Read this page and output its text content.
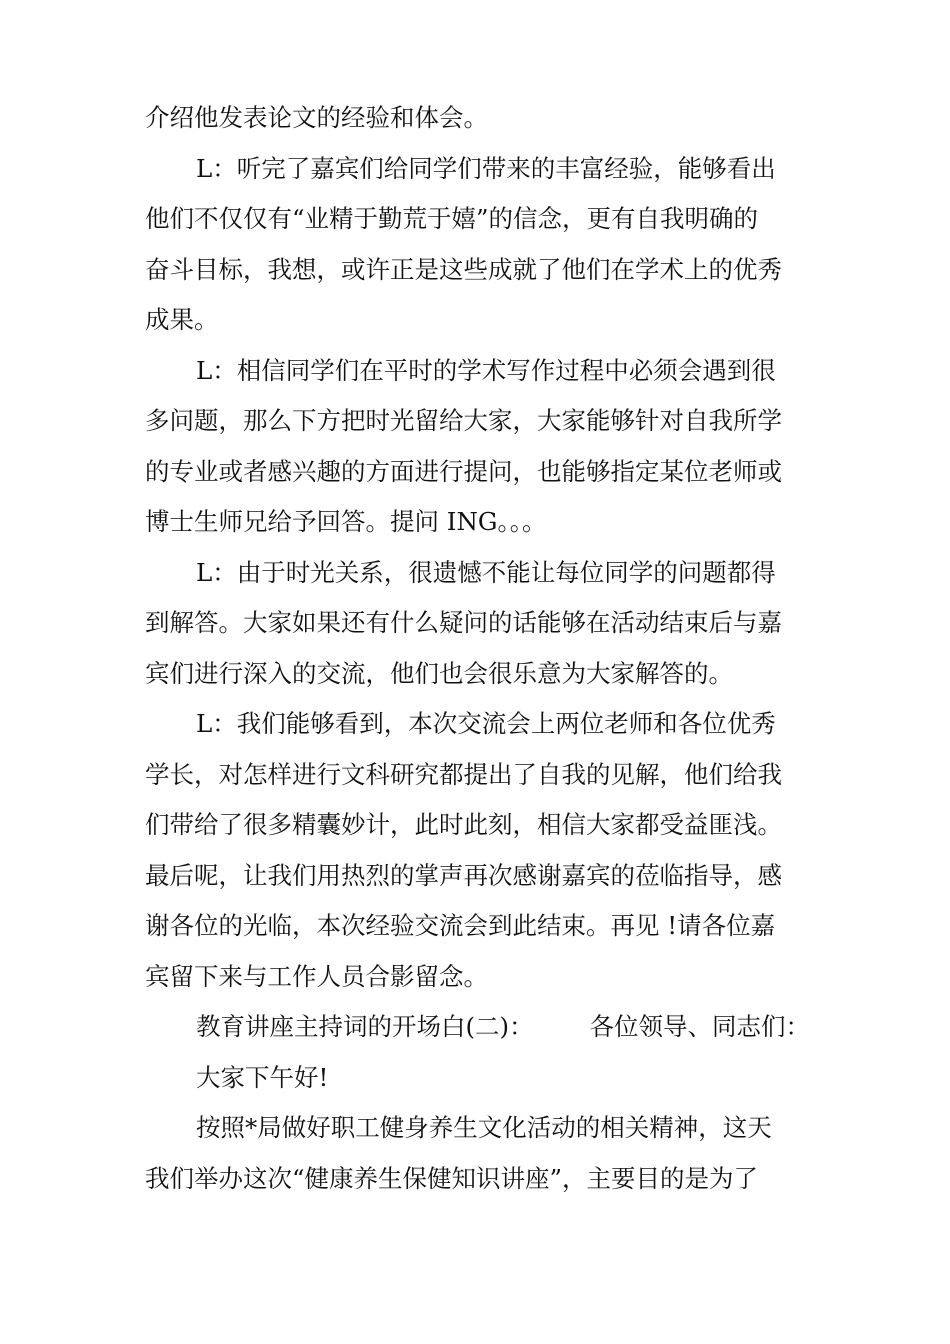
介绍他发表论文的经验和体会。

L：听完了嘉宾们给同学们带来的丰富经验，能够看出
他们不仅仅有“业精于勤荒于嬉”的信念，更有自我明确的
奋斗目标，我想，或许正是这些成就了他们在学术上的优秀
成果。

L：相信同学们在平时的学术写作过程中必须会遇到很
多问题，那么下方把时光留给大家，大家能够针对自我所学
的专业或者感兴趣的方面进行提问，也能够指定某位老师或
博士生师兄给予回答。提问 ING。。。

L：由于时光关系，很遗憾不能让每位同学的问题都得
到解答。大家如果还有什么疑问的话能够在活动结束后与嘉
宾们进行深入的交流，他们也会很乐意为大家解答的。

L：我们能够看到，本次交流会上两位老师和各位优秀
学长，对怎样进行文科研究都提出了自我的见解，他们给我
们带给了很多精囊妙计，此时此刻，相信大家都受益匪浅。
最后呢，让我们用热烈的掌声再次感谢嘉宾的莅临指导，感
谢各位的光临，本次经验交流会到此结束。再见 !请各位嘉
宾留下来与工作人员合影留念。

教育讲座主持词的开场白(二)： 各位领导、同志们：

大家下午好!

按照*局做好职工健身养生文化活动的相关精神，这天
我们举办这次“健康养生保健知识讲座”，主要目的是为了
